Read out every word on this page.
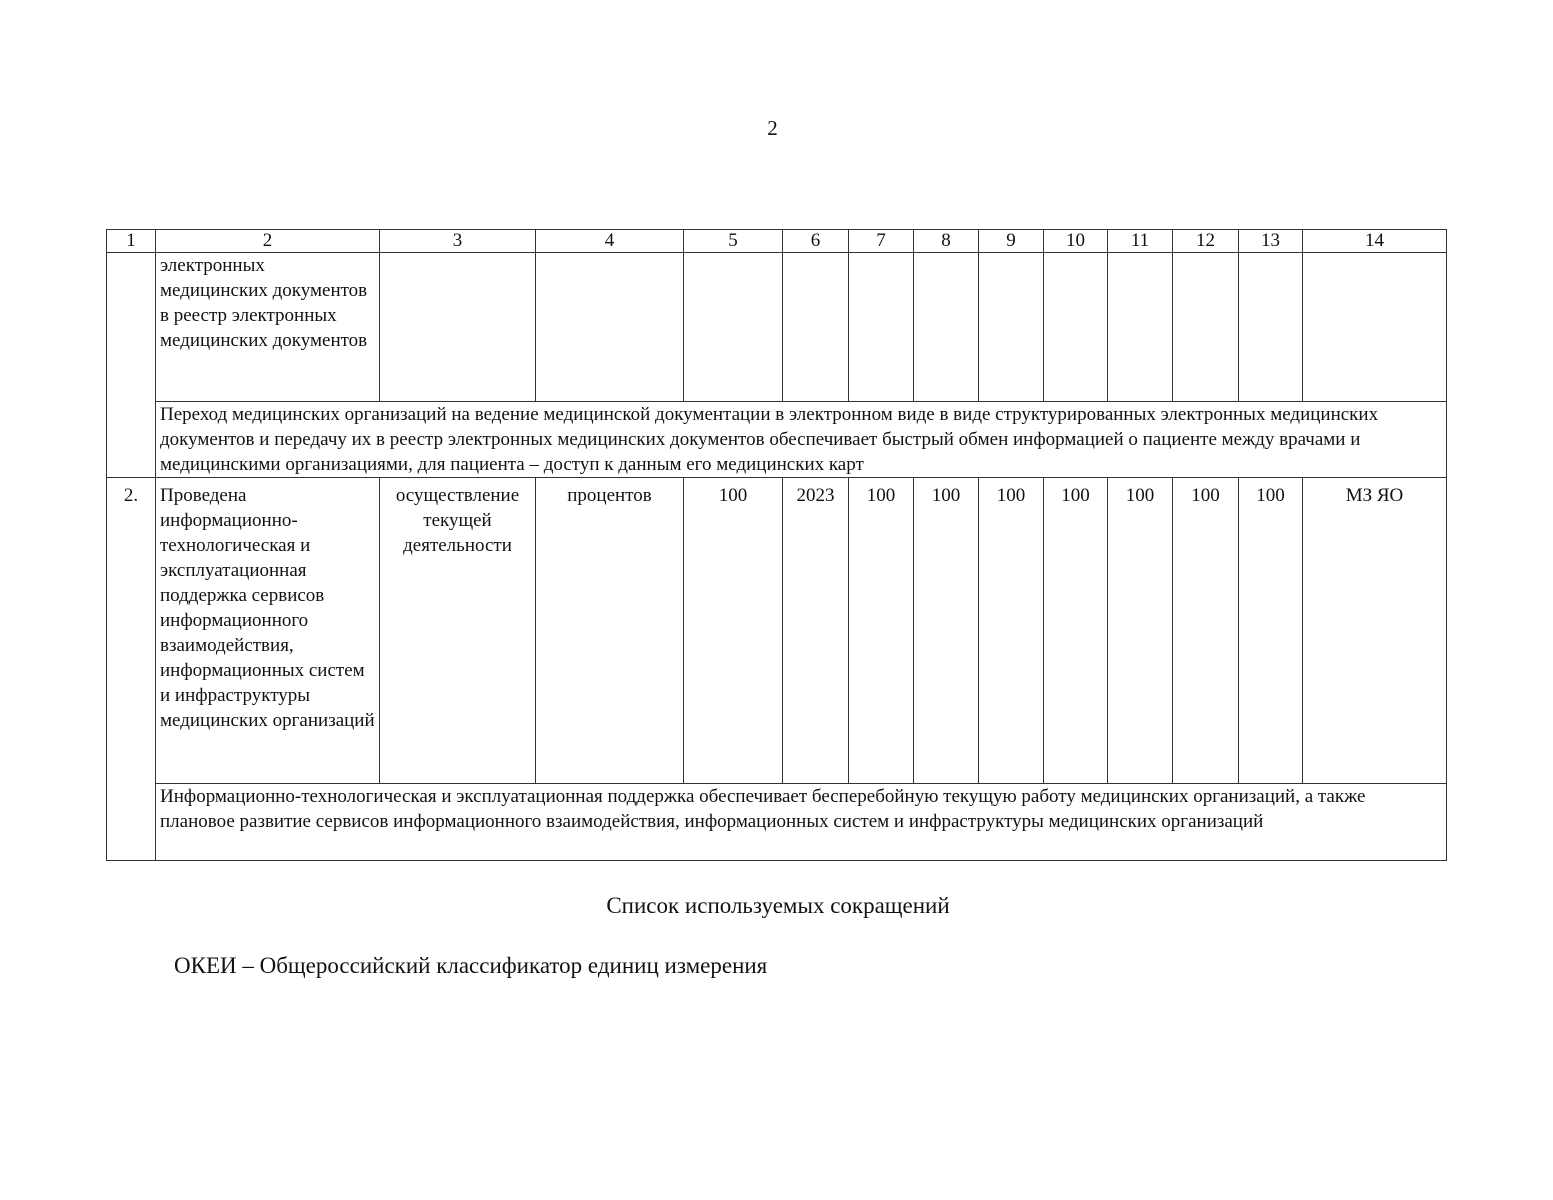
2
1	2	3	4	5	6	7	8	9	10	11	12	13	14
	электронных медицинских документов в реестр электронных медицинских документов												
	Переход медицинских организаций на ведение медицинской документации в электронном виде в виде структурированных электронных медицинских документов и передачу их в реестр электронных медицинских документов обеспечивает быстрый обмен информацией о пациенте между врачами и медицинскими организациями, для пациента – доступ к данным его медицинских карт												
2.	Проведена информационно-технологическая и эксплуатационная поддержка сервисов информационного взаимодействия, информационных систем и инфраструктуры медицинских организаций	осуществление текущей деятельности	процентов	100	2023	100	100	100	100	100	100	100	МЗ ЯО
	Информационно-технологическая и эксплуатационная поддержка обеспечивает бесперебойную текущую работу медицинских организаций, а также плановое развитие сервисов информационного взаимодействия, информационных систем и инфраструктуры медицинских организаций												
Список используемых сокращений
ОКЕИ – Общероссийский классификатор единиц измерения
